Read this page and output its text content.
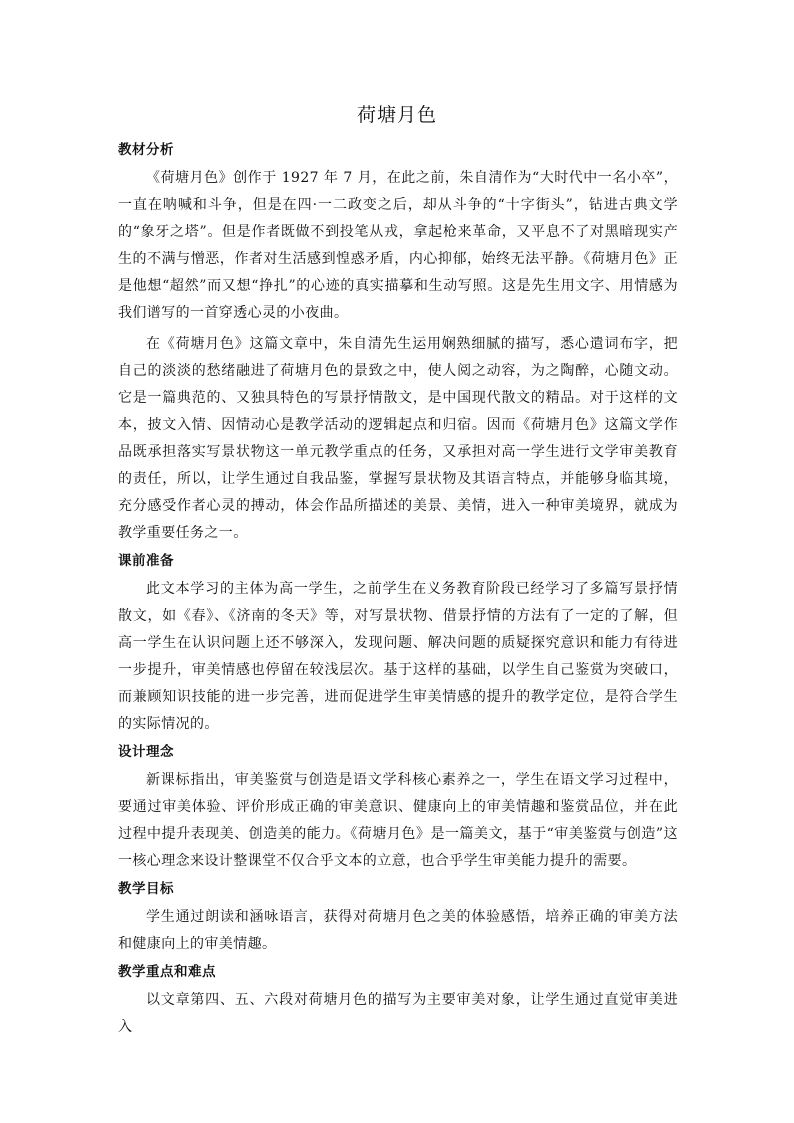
荷塘月色
教材分析

《荷塘月色》创作于 1927 年 7 月，在此之前，朱自清作为“大时代中一名小卒”，一直在呐喊和斗争，但是在四·一二政变之后，却从斗争的“十字街头”，钻进古典文学的“象牙之塔”。但是作者既做不到投笔从戎，拿起枪来革命，又平息不了对黑暗现实产生的不满与憎恶，作者对生活感到惶惑矛盾，内心抑郁，始终无法平静。《荷塘月色》正是他想“超然”而又想“挣扎”的心迹的真实描摹和生动写照。这是先生用文字、用情感为我们谱写的一首穿透心灵的小夜曲。

在《荷塘月色》这篇文章中，朱自清先生运用娴熟细腻的描写，悉心遣词布字，把自己的淡淡的愁绪融进了荷塘月色的景致之中，使人阅之动容，为之陶醉，心随文动。它是一篇典范的、又独具特色的写景抒情散文，是中国现代散文的精品。对于这样的文本，披文入情、因情动心是教学活动的逻辑起点和归宿。因而《荷塘月色》这篇文学作品既承担落实写景状物这一单元教学重点的任务，又承担对高一学生进行文学审美教育的责任，所以，让学生通过自我品鉴，掌握写景状物及其语言特点，并能够身临其境，充分感受作者心灵的搏动，体会作品所描述的美景、美情，进入一种审美境界，就成为教学重要任务之一。

课前准备

此文本学习的主体为高一学生，之前学生在义务教育阶段已经学习了多篇写景抒情散文，如《春》、《济南的冬天》等，对写景状物、借景抒情的方法有了一定的了解，但高一学生在认识问题上还不够深入，发现问题、解决问题的质疑探究意识和能力有待进一步提升，审美情感也停留在较浅层次。基于这样的基础，以学生自己鉴赏为突破口，而兼顾知识技能的进一步完善，进而促进学生审美情感的提升的教学定位，是符合学生的实际情况的。

设计理念

新课标指出，审美鉴赏与创造是语文学科核心素养之一，学生在语文学习过程中，要通过审美体验、评价形成正确的审美意识、健康向上的审美情趣和鉴赏品位，并在此过程中提升表现美、创造美的能力。《荷塘月色》是一篇美文，基于“审美鉴赏与创造”这一核心理念来设计整课堂不仅合乎文本的立意，也合乎学生审美能力提升的需要。

教学目标

学生通过朗读和涵咏语言，获得对荷塘月色之美的体验感悟，培养正确的审美方法和健康向上的审美情趣。

教学重点和难点

以文章第四、五、六段对荷塘月色的描写为主要审美对象，让学生通过直觉审美进入
